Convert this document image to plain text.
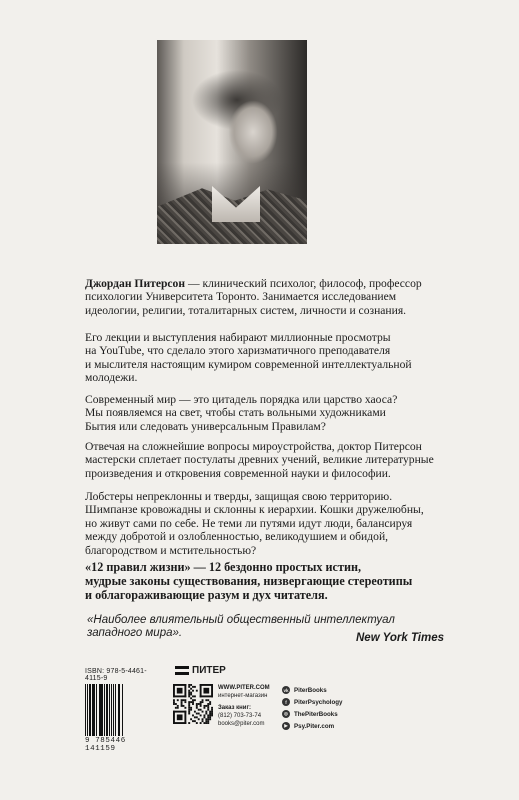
Джордан Питерсон — клинический психолог, философ, профессор

психологии Университета Торонто. Занимается исследованием

идеологии, религии, тоталитарных систем, личности и сознания.

Его лекции и выступления набирают миллионные просмотры

на YouTube, что сделало этого харизматичного преподавателя

и мыслителя настоящим кумиром современной интеллектуальной

молодежи.

Современный мир — это цитадель порядка или царство хаоса?

Мы появляемся на свет, чтобы стать вольными художниками

Бытия или следовать универсальным Правилам?

Отвечая на сложнейшие вопросы мироустройства, доктор Питерсон

мастерски сплетает постулаты древних учений, великие литературные

произведения и откровения современной науки и философии.

Лобстеры непреклонны и тверды, защищая свою территорию.

Шимпанзе кровожадны и склонны к иерархии. Кошки дружелюбны,

но живут сами по себе. Не теми ли путями идут люди, балансируя

между добротой и озлобленностью, великодушием и обидой,

благородством и мстительностью?

«12 правил жизни» — 12 бездонно простых истин,

мудрые законы существования, низвергающие стереотипы

и облагораживающие разум и дух читателя.

«Наиболее влиятельный общественный интеллектуал западного мира».	New York Times
ISBN: 978-5-4461-4115-9
9 785446 141159
ПИТЕР
WWW.PITER.COM
интернет-магазин
Заказ книг:
(812) 703-73-74
books@piter.com
vk PiterBooks
f	PiterPsychology
◎ ThePiterBooks
▶	Psy.Piter.com
